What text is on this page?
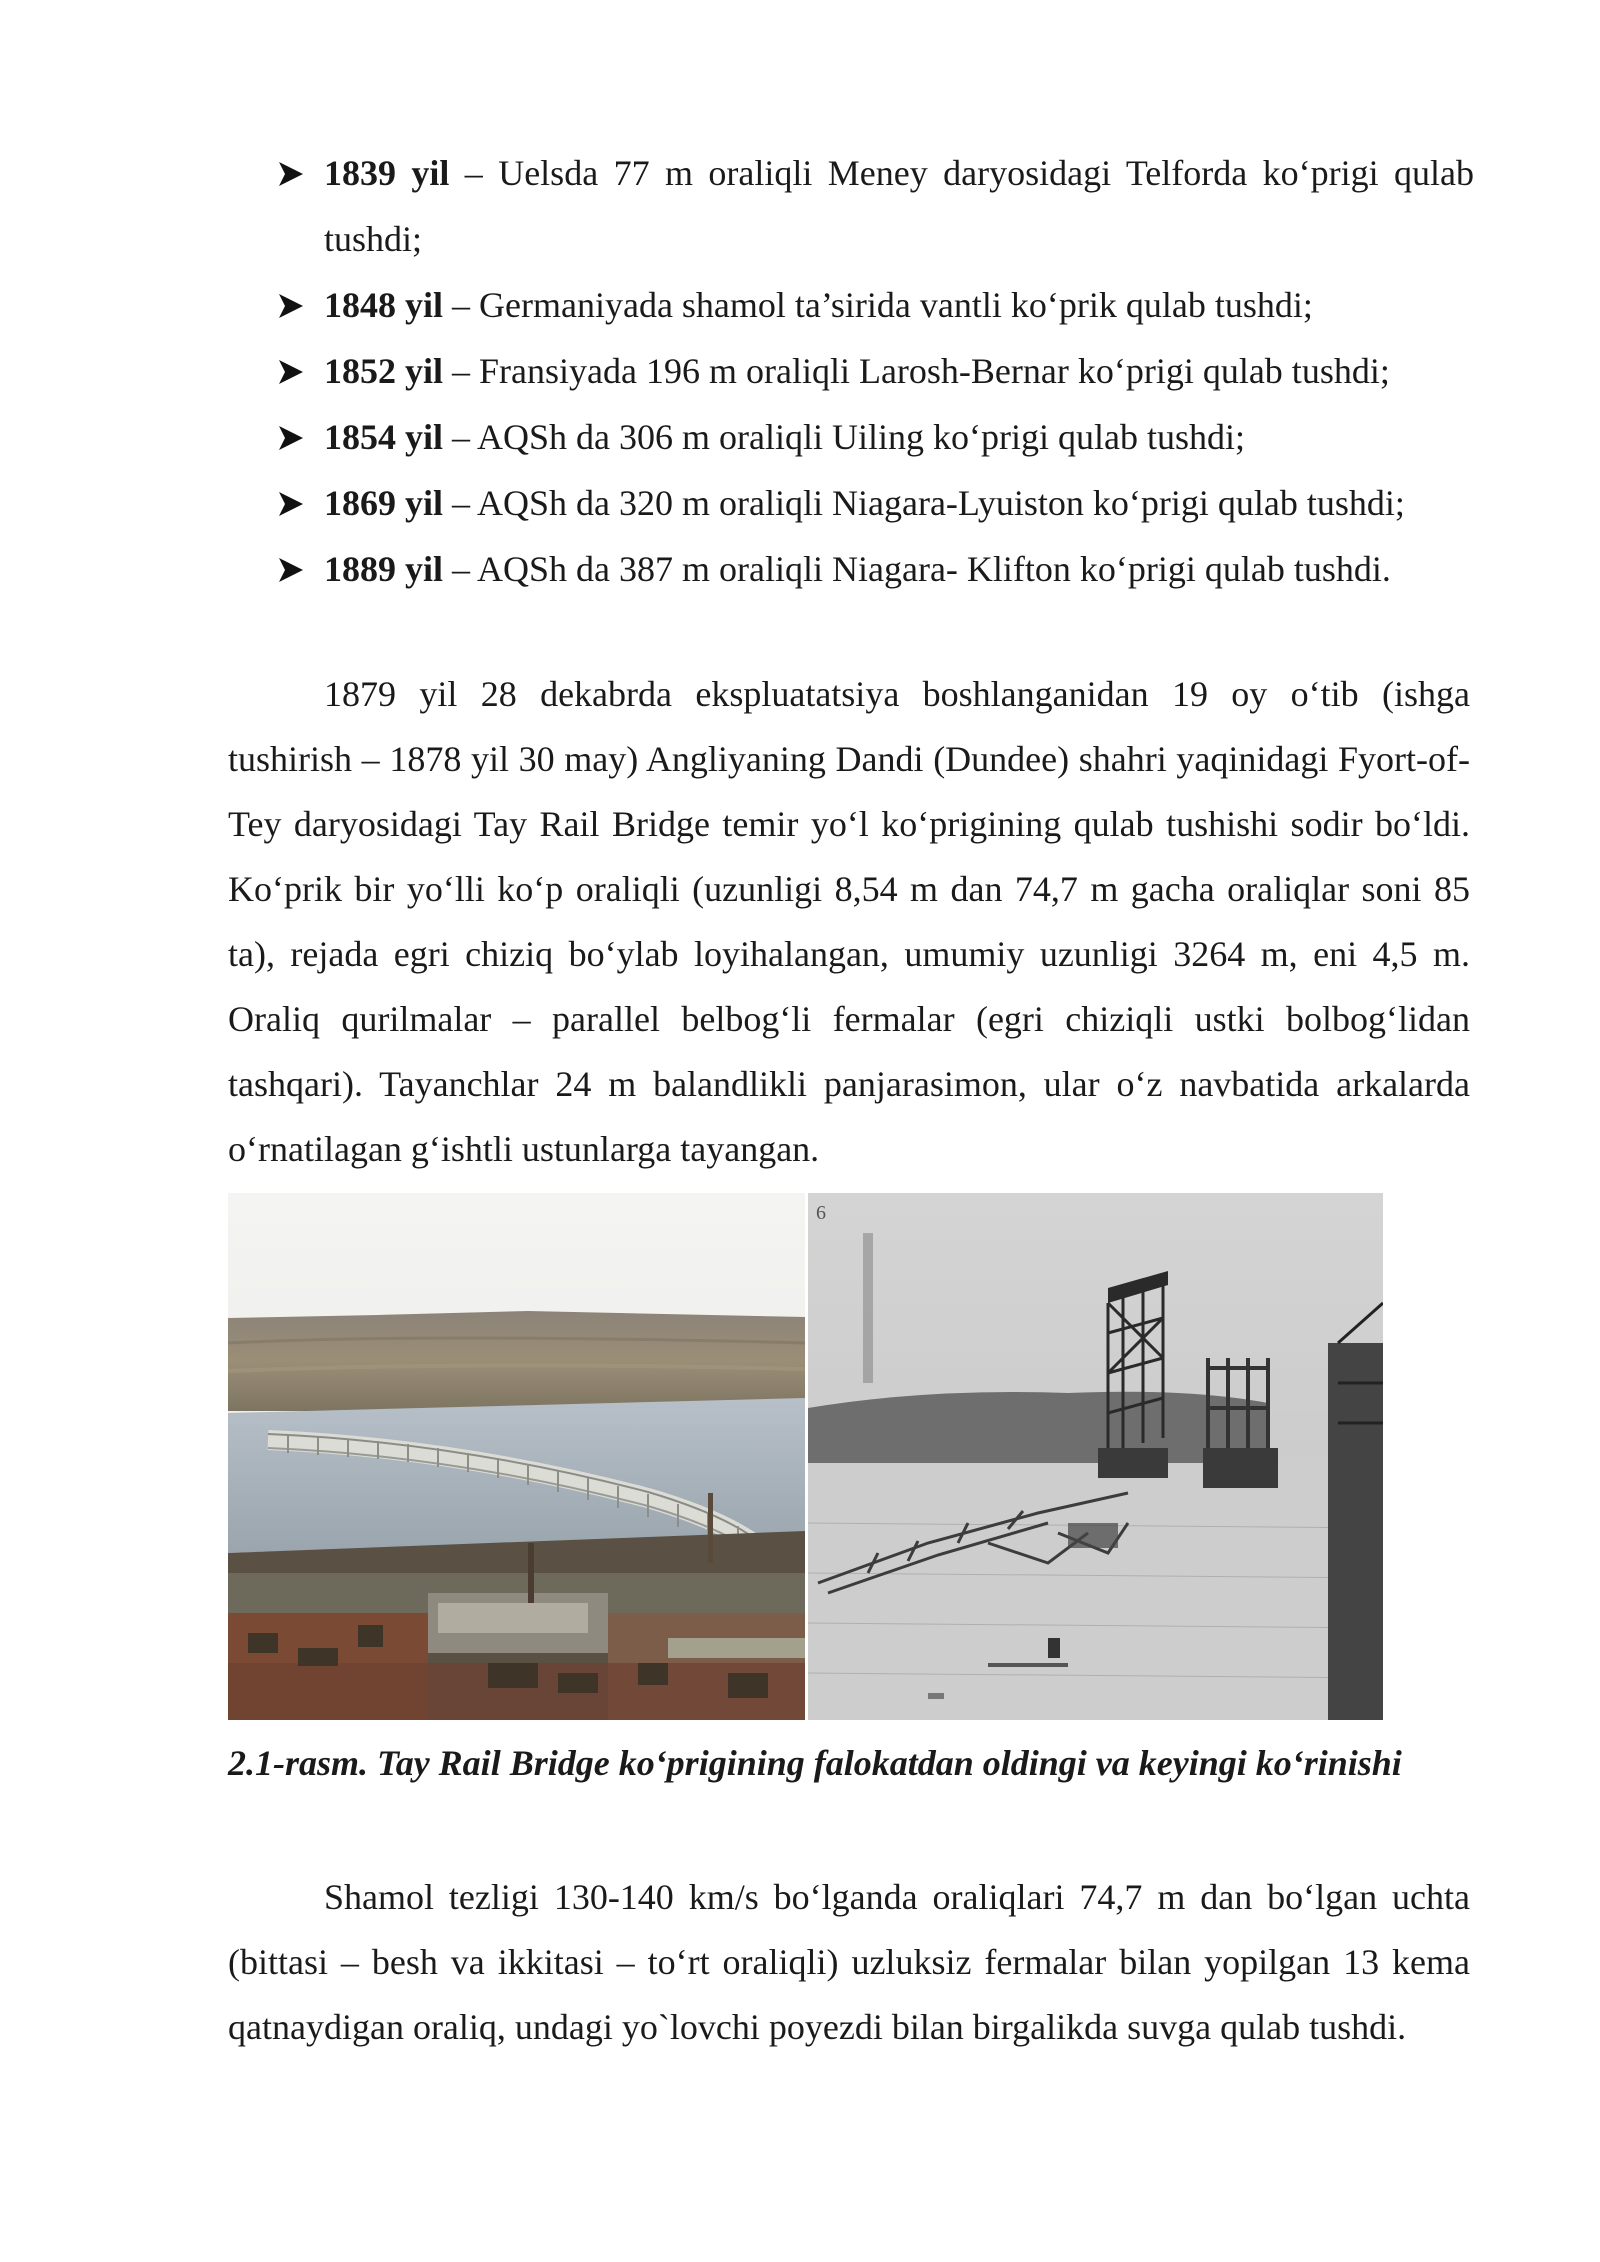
1839 yil – Uelsda 77 m oraliqli Meney daryosidagi Telforda ko‘prigi qulab tushdi;
1848 yil – Germaniyada shamol ta’sirida vantli ko‘prik qulab tushdi;
1852 yil – Fransiyada 196 m oraliqli Larosh-Bernar ko‘prigi qulab tushdi;
1854 yil – AQSh da 306 m oraliqli Uiling ko‘prigi qulab tushdi;
1869 yil – AQSh da 320 m oraliqli Niagara-Lyuiston ko‘prigi qulab tushdi;
1889 yil – AQSh da 387 m oraliqli Niagara- Klifton ko‘prigi qulab tushdi.
1879 yil 28 dekabrda ekspluatatsiya boshlanganidan 19 oy o‘tib (ishga tushirish – 1878 yil 30 may) Angliyaning Dandi (Dundee) shahri yaqinidagi Fyort-of-Tey daryosidagi Tay Rail Bridge temir yo‘l ko‘prigining qulab tushishi sodir bo‘ldi. Ko‘prik bir yo‘lli ko‘p oraliqli (uzunligi 8,54 m dan 74,7 m gacha oraliqlar soni 85 ta), rejada egri chiziq bo‘ylab loyihalangan, umumiy uzunligi 3264 m, eni 4,5 m. Oraliq qurilmalar – parallel belbog‘li fermalar (egri chiziqli ustki bolbog‘lidan tashqari). Tayanchlar 24 m balandlikli panjarasimon, ular o‘z navbatida arkalarda o‘rnatilagan g‘ishtli ustunlarga tayangan.
6
2.1-rasm. Tay Rail Bridge ko‘prigining falokatdan oldingi va keyingi ko‘rinishi
Shamol tezligi 130-140 km/s bo‘lganda oraliqlari 74,7 m dan bo‘lgan uchta (bittasi – besh va ikkitasi – to‘rt oraliqli) uzluksiz fermalar bilan yopilgan 13 kema qatnaydigan oraliq, undagi yo`lovchi poyezdi bilan birgalikda suvga qulab tushdi.
